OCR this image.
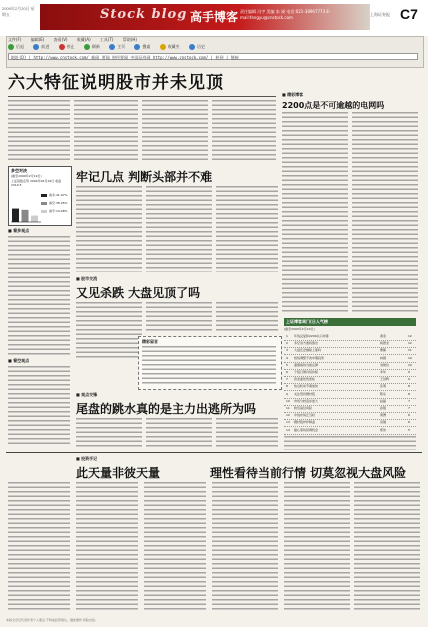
2009年2月20日 星期五	Stock blog 高手博客 责任编辑 冯宇 美编 朱 瑛 电话:021-38967773 E-mail:fengyu@cnstock.com
上海证券报 C7
文件(F) 编辑(E) 查看(V) 收藏(A) 工具(T) 帮助(H)
后退	前进	停止	刷新	主页	搜索	收藏夹	历史
地址(D) | http://www.cnstock.com/ 新闻 要闻 财经要闻 中国证券网 http://www.cnstock.com/ | 转到 | 链接
六大特征说明股市并未见顶
多空对决
(截至2009年2月19日)
上证指数走势 2009年02月19日 收盘2310.5
看多:41.97%
看空:38.05%
看平:19.98%
■ 看多观点
■ 看空观点
牢记几点 判断头部并不难
■ 股市交流
又见杀跌 大盘见顶了吗
精彩留言
■ 观点交锋
尾盘的跳水真的是主力出逃所为吗
■ 精彩博客
2200点是不可逾越的电网吗
上证博客周门(日人气榜
(截至2009年2月19日)
1 年线反复和2200关口冲锋	黄金	12
2 多空双方谁将胜出	杨德龙	12
3 大盘还会继续上涨吗	曹臻	11
4 短线调整不改中期趋势	林园	10
5 谨慎看待当前反弹	刘建位	10
6 个股行情仍将持续	李华	9
7 资金面依然宽松	王剑辉	9
8 热点轮动节奏加快	张明	8
9 关注低价题材股	陈东	8
10 市场分歧逐步加大	赵磊	7
11 防范高位风险	孙强	7
12 中线布局正当时	周博	6
13 题材股炒作降温	吴刚	6
14 耐心等待回调机会	郑伟	5
■ 投资手记
此天量非彼天量	理性看待当前行情 切莫忽视大盘风险
本版文章仅代表作者个人观点,不构成投资建议。据此操作,风险自担。
